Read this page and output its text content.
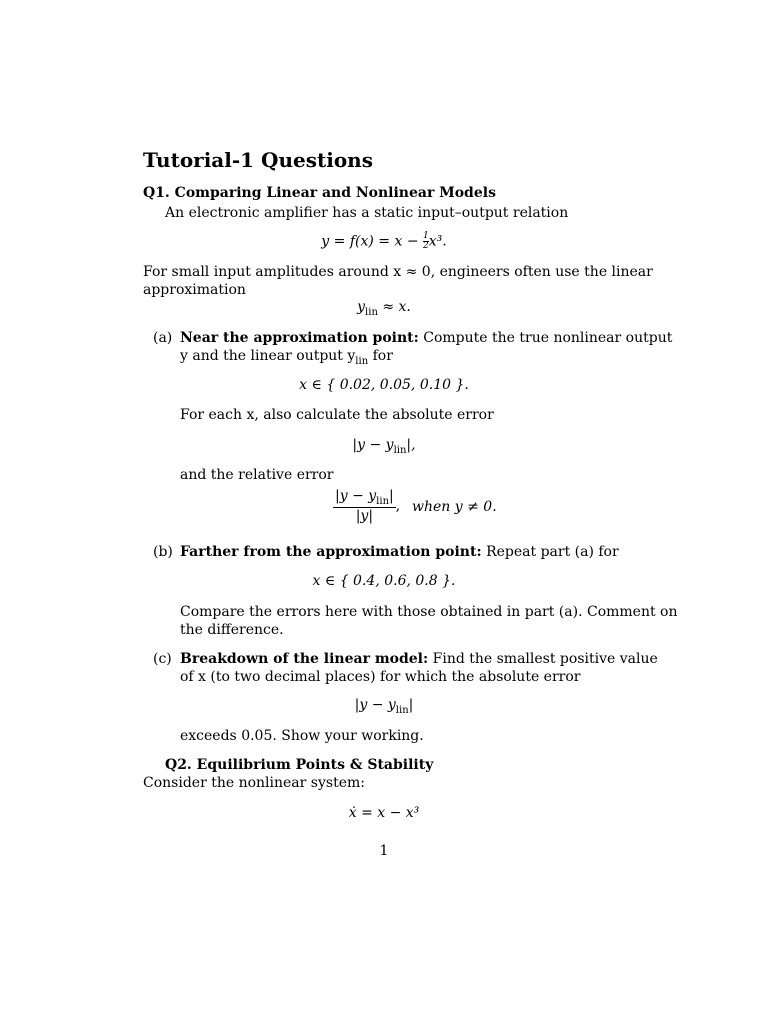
Tutorial-1 Questions
Q1. Comparing Linear and Nonlinear Models
An electronic amplifier has a static input–output relation
$y = f(x) = x - \frac{1}{2}x^3$.
For small input amplitudes around x ≈ 0, engineers often use the linear
approximation
$y_{lin} \approx x$.
(a) Near the approximation point: Compute the true nonlinear output
y and the linear output $y_{lin}$ for
x ∈ { 0.02, 0.05, 0.10 }.
For each x, also calculate the absolute error
$|y - y_{lin}|$,
and the relative error
$\frac{|y - y_{lin}|}{|y|}$ , when y ≠ 0.
(b) Farther from the approximation point: Repeat part (a) for
x ∈ { 0.4, 0.6, 0.8 }.
Compare the errors here with those obtained in part (a). Comment on
the difference.
(c) Breakdown of the linear model: Find the smallest positive value
of x (to two decimal places) for which the absolute error
$|y - y_{lin}|$
exceeds 0.05. Show your working.
Q2. Equilibrium Points & Stability
Consider the nonlinear system:
ẋ = x − x³
1
